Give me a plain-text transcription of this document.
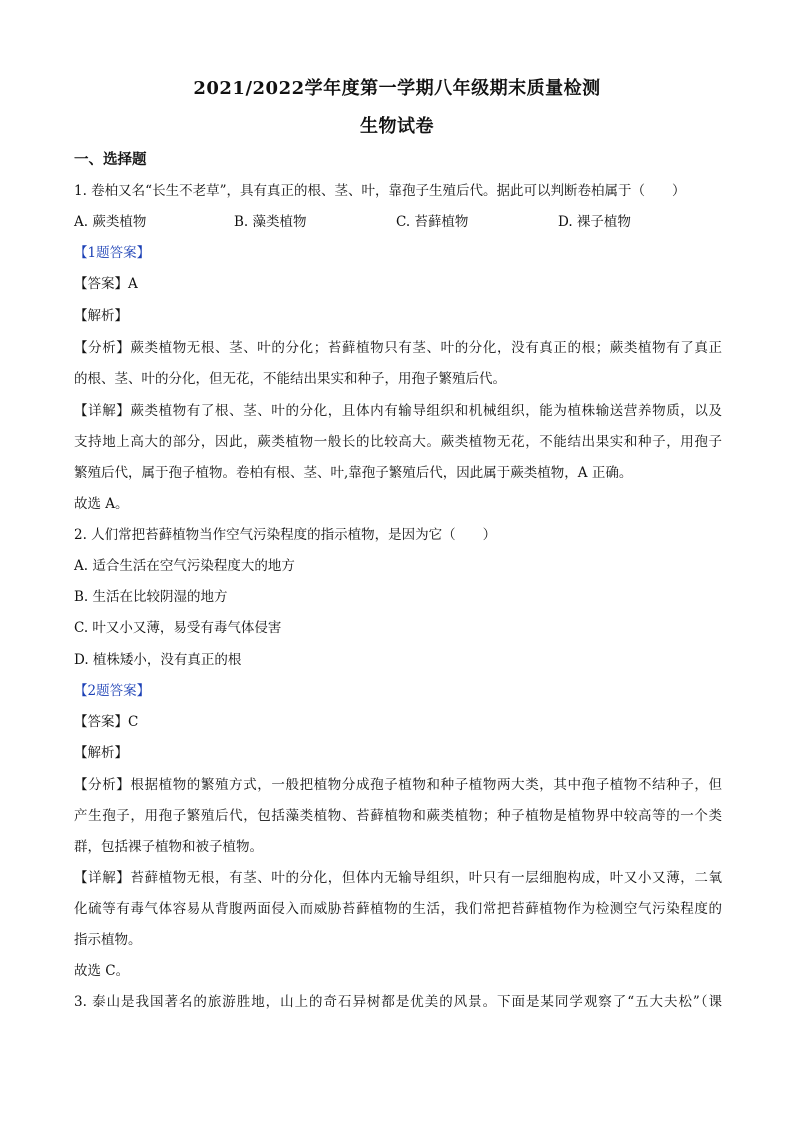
2021/2022学年度第一学期八年级期末质量检测
生物试卷
一、选择题
1. 卷柏又名“长生不老草”，具有真正的根、茎、叶，靠孢子生殖后代。据此可以判断卷柏属于（　　）
A. 蕨类植物	B. 藻类植物	C. 苔藓植物	D. 裸子植物
【1题答案】
【答案】A
【解析】
【分析】蕨类植物无根、茎、叶的分化；苔藓植物只有茎、叶的分化，没有真正的根；蕨类植物有了真正
的根、茎、叶的分化，但无花，不能结出果实和种子，用孢子繁殖后代。
【详解】蕨类植物有了根、茎、叶的分化，且体内有输导组织和机械组织，能为植株输送营养物质，以及
支持地上高大的部分，因此，蕨类植物一般长的比较高大。蕨类植物无花，不能结出果实和种子，用孢子
繁殖后代，属于孢子植物。卷柏有根、茎、叶,靠孢子繁殖后代，因此属于蕨类植物，A 正确。
故选 A。
2. 人们常把苔藓植物当作空气污染程度的指示植物，是因为它（　　）
A. 适合生活在空气污染程度大的地方
B. 生活在比较阴湿的地方
C. 叶又小又薄，易受有毒气体侵害
D. 植株矮小，没有真正的根
【2题答案】
【答案】C
【解析】
【分析】根据植物的繁殖方式，一般把植物分成孢子植物和种子植物两大类，其中孢子植物不结种子，但
产生孢子，用孢子繁殖后代，包括藻类植物、苔藓植物和蕨类植物；种子植物是植物界中较高等的一个类
群，包括裸子植物和被子植物。
【详解】苔藓植物无根，有茎、叶的分化，但体内无输导组织，叶只有一层细胞构成，叶又小又薄，二氧
化硫等有毒气体容易从背腹两面侵入而威胁苔藓植物的生活，我们常把苔藓植物作为检测空气污染程度的
指示植物。
故选 C。
3. 泰山是我国著名的旅游胜地，山上的奇石异树都是优美的风景。下面是某同学观察了“五大夫松”（课
